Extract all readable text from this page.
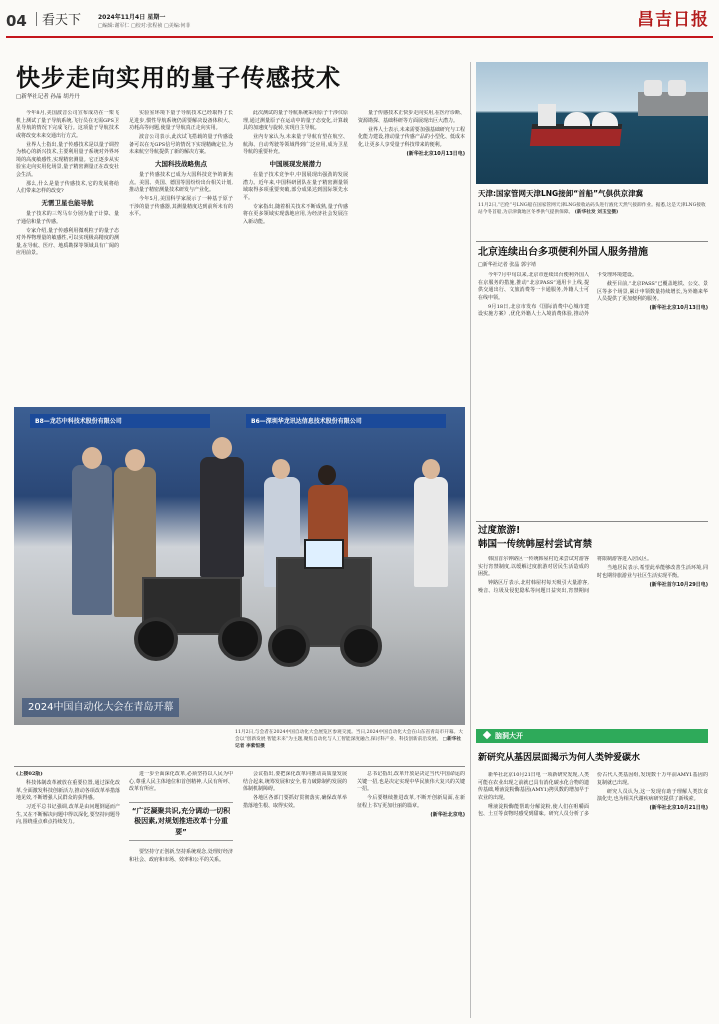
04 看天下	2024年11月4日 星期一
□编辑:谢军仁 □校对:张程祯 □美编:何菲	昌吉日报
快步走向实用的量子传感技术
□新华社记者 孙晶 胡丹丹

今年8月,美国波音公司宣布成功在一架飞机上测试了量子导航系统,飞行员在无需GPS卫星导航的情况下完成飞行。这项量子导航技术或将改变未来交通出行方式。

业界人士指出,量子传感技术是以量子调控为核心的新兴技术,主要利用量子系统对外界环境的高度敏感性,实现精密测量。它正逐步从实验室走向实用化场景,量子精密测量正在改变社会生活。

那么,什么是量子传感技术,它的发展将给人们带来怎样的改变?

无需卫星也能导航

量子技术的三驾马车分别为量子计算、量子通信和量子传感。

专家介绍,量子传感利用微观粒子的量子态对外界物理量的敏感性,可以实现极高精度的测量,在导航、医疗、地质勘探等领域具有广阔的应用前景。

实验室环境下量子导航技术已经取得了长足进步,惯性导航系统仍需要解决设备体积大、功耗高等问题,使量子导航真正走向实用。

波音公司表示,此次试飞搭载的量子传感设备可以在无GPS信号的情况下实现精确定位,为未来航空导航提供了新的解决方案。

大国科技战略焦点

量子传感技术已成为大国科技竞争的新焦点。美国、英国、德国等国纷纷出台相关计划,推动量子精密测量技术研发与产业化。

今年5月,美国科学家展示了一种基于原子干涉的量子传感器,其测量精度达到前所未有的水平。

此次测试的量子导航系统采用原子干涉仪原理,通过测量原子在运动中的量子态变化,计算载具的加速度与旋转,实现自主导航。

业内专家认为,未来量子导航有望在航空、航海、自动驾驶等领域得到广泛应用,成为卫星导航的重要补充。

中国展现发展潜力

在量子技术竞争中,中国展现出强劲的发展潜力。近年来,中国科研团队在量子精密测量领域取得多项重要突破,部分成果达到国际领先水平。

专家指出,随着相关技术不断成熟,量子传感将在更多领域实现落地应用,为经济社会发展注入新动能。

量子传感技术正快步走向实用,在医疗诊断、资源勘探、基础科研等方面展现出巨大潜力。

业界人士表示,未来需要加强基础研究与工程化能力建设,推动量子传感产品的小型化、低成本化,让更多人享受量子科技带来的便利。

(新华社北京10月13日电)

B8—龙芯中科技术股份有限公司	B6—深圳华龙讯达信息技术股份有限公司
2024中国自动化大会在青岛开幕
11月2日,与会者在2024中国自动化大会展览区参观交流。当日,2024中国自动化大会在山东省青岛市开幕。大会以“创新发展 智能未来”为主题,聚焦自动化与人工智能深度融合,探讨科产业、科技创新前沿发展。 □新华社记者 李紫恒摄
天津:国家管网天津LNG接卸“首船”气俱供京津冀
11月2日,“巴伦”号LNG船在国家管网天津LNG接收站码头进行液化天然气接卸作业。据悉,这是天津LNG接收站今冬首船,为京津冀地区冬季供气提供保障。 (新华社发 刘玉宝摄)
北京连续出台多项便利外国人服务措施
□新华社记者 张晶 郭宇靖

今年7月中旬以来,北京市连续出台便利外国人在京服务的措施,推动“北京PASS”通用卡上线,提供交通出行、文旅消费等一卡通服务,外籍人士可在线申领。

9月18日,北京市发布《国际消费中心城市建设实施方案》,优化外籍人士入境消费体验,推动外卡受理环境建设。

截至目前,“北京PASS”已覆盖地铁、公交、景区等多个场景,累计申领数量持续增长,为外籍来华人员提供了更加便利的服务。

(新华社北京10月13日电)

过度旅游!
韩国一传统韩屋村尝试宵禁

韩国首尔钟路区一传统韩屋村近来尝试对游客实行宵禁制度,以缓解过度旅游对居民生活造成的困扰。

钟路区厅表示,北村韩屋村每天吸引大量游客,噪音、垃圾及侵犯隐私等问题日益突出,宵禁期间将限制游客进入居民区。

当地居民表示,希望此举能够改善生活环境,同时也期待旅游业与社区生活实现平衡。

(新华社首尔10月29日电)

脑洞大开
新研究从基因层面揭示为何人类钟爱碳水

新华社北京10月21日电 一项新研究发现,人类可能在农业出现之前就已具有消化碳水化合物的遗传基础,唾液淀粉酶基因(AMY1)拷贝数的增加早于农业的出现。

唾液淀粉酶能帮助分解淀粉,使人们在咀嚼面包、土豆等食物时感受到甜味。研究人员分析了多份古代人类基因组,发现数十万年前AMY1基因的复制就已出现。

研究人员认为,这一发现有助于理解人类饮食演化史,也为相关代谢疾病研究提供了新线索。

(新华社北京10月21日电)

(上接02版)

科技体制改革被放在重要位置,通过深化改革,全面激发科技创新活力,推动各项改革举措落地见效,不断增强人民群众的获得感。

习近平总书记强调,改革是由问题倒逼而产生,又在不断解决问题中得以深化,要坚持问题导向,围绕重点难点持续发力。

进一步全面深化改革,必须坚持以人民为中心,尊重人民主体地位和首创精神,人民有所呼、改革有所应。

“广泛凝聚共识,充分调动一切积极因素,对规划推进改革十分重要”

要坚持守正创新,坚持系统观念,处理好经济和社会、政府和市场、效率和公平的关系。

会议指出,要把深化改革同推动高质量发展结合起来,统筹发展和安全,着力破除制约发展的体制机制障碍。

各地区各部门要抓好贯彻落实,确保改革举措落地生根、取得实效。

总书记指出,改革开放是决定当代中国命运的关键一招,也是决定实现中华民族伟大复兴的关键一招。

今后要继续推进改革,不断开创新局面,在新征程上书写更加壮丽的篇章。

(新华社北京电)
